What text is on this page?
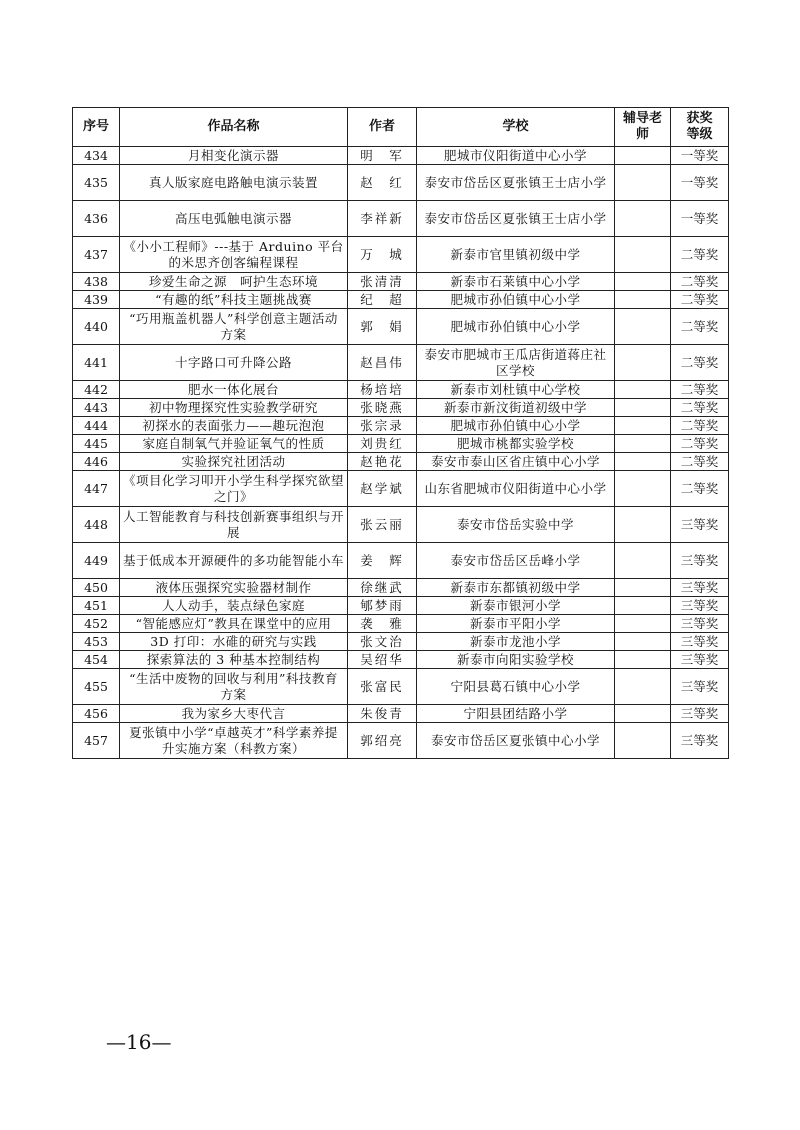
序号	作品名称	作者	学校	辅导老师	获奖等级
434	月相变化演示器	明　军	肥城市仪阳街道中心小学		一等奖
435	真人版家庭电路触电演示装置	赵　红	泰安市岱岳区夏张镇王士店小学		一等奖
436	高压电弧触电演示器	李祥新	泰安市岱岳区夏张镇王士店小学		一等奖
437	《小小工程师》---基于 Arduino 平台的米思齐创客编程课程	万　城	新泰市官里镇初级中学		二等奖
438	珍爱生命之源　呵护生态环境	张清清	新泰市石莱镇中心小学		二等奖
439	“有趣的纸”科技主题挑战赛	纪　超	肥城市孙伯镇中心小学		二等奖
440	“巧用瓶盖机器人”科学创意主题活动方案	郭　娟	肥城市孙伯镇中心小学		二等奖
441	十字路口可升降公路	赵昌伟	泰安市肥城市王瓜店街道蒋庄社区学校		二等奖
442	肥水一体化展台	杨培培	新泰市刘杜镇中心学校		二等奖
443	初中物理探究性实验教学研究	张晓燕	新泰市新汶街道初级中学		二等奖
444	初探水的表面张力——趣玩泡泡	张宗录	肥城市孙伯镇中心小学		二等奖
445	家庭自制氧气并验证氧气的性质	刘贵红	肥城市桃都实验学校		二等奖
446	实验探究社团活动	赵艳花	泰安市泰山区省庄镇中心小学		二等奖
447	《项目化学习叩开小学生科学探究欲望之门》	赵学斌	山东省肥城市仪阳街道中心小学		二等奖
448	人工智能教育与科技创新赛事组织与开展	张云丽	泰安市岱岳实验中学		三等奖
449	基于低成本开源硬件的多功能智能小车	姜　辉	泰安市岱岳区岳峰小学		三等奖
450	液体压强探究实验器材制作	徐继武	新泰市东都镇初级中学		三等奖
451	人人动手，装点绿色家庭	郇梦雨	新泰市银河小学		三等奖
452	“智能感应灯”教具在课堂中的应用	袭　雅	新泰市平阳小学		三等奖
453	3D 打印：水碓的研究与实践	张文治	新泰市龙池小学		三等奖
454	探索算法的 3 种基本控制结构	吴绍华	新泰市向阳实验学校		三等奖
455	“生活中废物的回收与利用”科技教育方案	张富民	宁阳县葛石镇中心小学		三等奖
456	我为家乡大枣代言	朱俊青	宁阳县团结路小学		三等奖
457	夏张镇中小学“卓越英才”科学素养提升实施方案（科教方案）	郭绍亮	泰安市岱岳区夏张镇中心小学		三等奖
—16—
